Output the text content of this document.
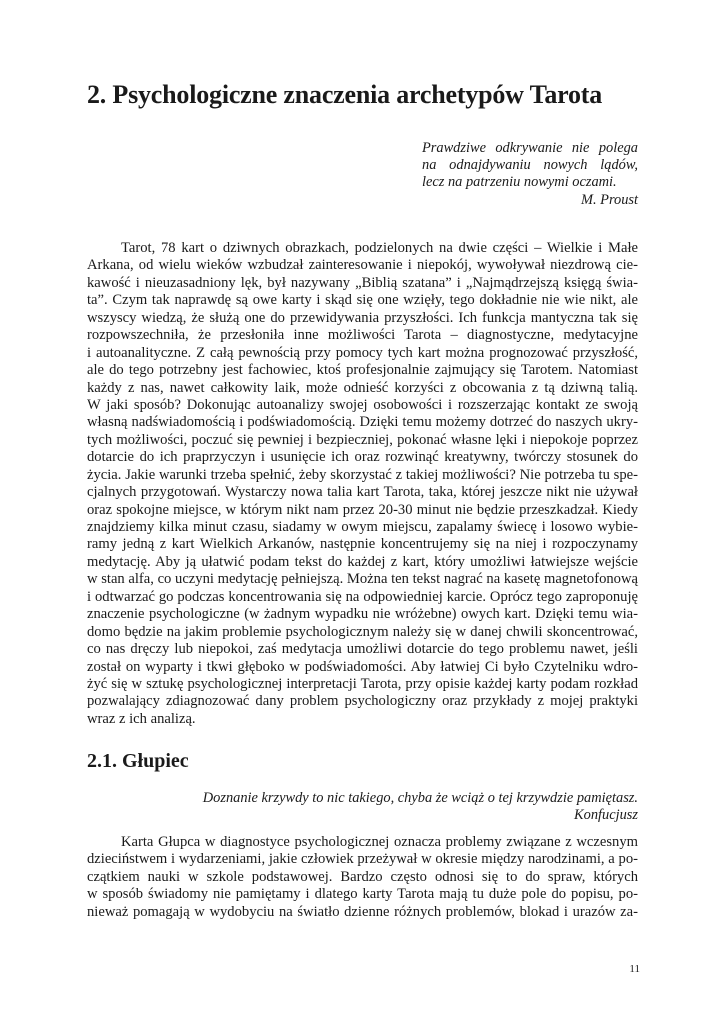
2. Psychologiczne znaczenia archetypów Tarota
Prawdziwe odkrywanie nie polega
na odnajdywaniu nowych lądów,
lecz na patrzeniu nowymi oczami.
M. Proust
Tarot, 78 kart o dziwnych obrazkach, podzielonych na dwie części – Wielkie i Małe
Arkana, od wielu wieków wzbudzał zainteresowanie i niepokój, wywoływał niezdrową cie-
kawość i nieuzasadniony lęk, był nazywany „Biblią szatana” i „Najmądrzejszą księgą świa-
ta”. Czym tak naprawdę są owe karty i skąd się one wzięły, tego dokładnie nie wie nikt, ale
wszyscy wiedzą, że służą one do przewidywania przyszłości. Ich funkcja mantyczna tak się
rozpowszechniła, że przesłoniła inne możliwości Tarota – diagnostyczne, medytacyjne
i autoanalityczne. Z całą pewnością przy pomocy tych kart można prognozować przyszłość,
ale do tego potrzebny jest fachowiec, ktoś profesjonalnie zajmujący się Tarotem. Natomiast
każdy z nas, nawet całkowity laik, może odnieść korzyści z obcowania z tą dziwną talią.
W jaki sposób? Dokonując autoanalizy swojej osobowości i rozszerzając kontakt ze swoją
własną nadświadomością i podświadomością. Dzięki temu możemy dotrzeć do naszych ukry-
tych możliwości, poczuć się pewniej i bezpieczniej, pokonać własne lęki i niepokoje poprzez
dotarcie do ich praprzyczyn i usunięcie ich oraz rozwinąć kreatywny, twórczy stosunek do
życia. Jakie warunki trzeba spełnić, żeby skorzystać z takiej możliwości? Nie potrzeba tu spe-
cjalnych przygotowań. Wystarczy nowa talia kart Tarota, taka, której jeszcze nikt nie używał
oraz spokojne miejsce, w którym nikt nam przez 20-30 minut nie będzie przeszkadzał. Kiedy
znajdziemy kilka minut czasu, siadamy w owym miejscu, zapalamy świecę i losowo wybie-
ramy jedną z kart Wielkich Arkanów, następnie koncentrujemy się na niej i rozpoczynamy
medytację. Aby ją ułatwić podam tekst do każdej z kart, który umożliwi łatwiejsze wejście
w stan alfa, co uczyni medytację pełniejszą. Można ten tekst nagrać na kasetę magnetofonową
i odtwarzać go podczas koncentrowania się na odpowiedniej karcie. Oprócz tego zaproponuję
znaczenie psychologiczne (w żadnym wypadku nie wróżebne) owych kart. Dzięki temu wia-
domo będzie na jakim problemie psychologicznym należy się w danej chwili skoncentrować,
co nas dręczy lub niepokoi, zaś medytacja umożliwi dotarcie do tego problemu nawet, jeśli
został on wyparty i tkwi głęboko w podświadomości. Aby łatwiej Ci było Czytelniku wdro-
żyć się w sztukę psychologicznej interpretacji Tarota, przy opisie każdej karty podam rozkład
pozwalający zdiagnozować dany problem psychologiczny oraz przykłady z mojej praktyki
wraz z ich analizą.
2.1. Głupiec
Doznanie krzywdy to nic takiego, chyba że wciąż o tej krzywdzie pamiętasz.
Konfucjusz
Karta Głupca w diagnostyce psychologicznej oznacza problemy związane z wczesnym
dzieciństwem i wydarzeniami, jakie człowiek przeżywał w okresie między narodzinami, a po-
czątkiem nauki w szkole podstawowej. Bardzo często odnosi się to do spraw, których
w sposób świadomy nie pamiętamy i dlatego karty Tarota mają tu duże pole do popisu, po-
nieważ pomagają w wydobyciu na światło dzienne różnych problemów, blokad i urazów za-
11
